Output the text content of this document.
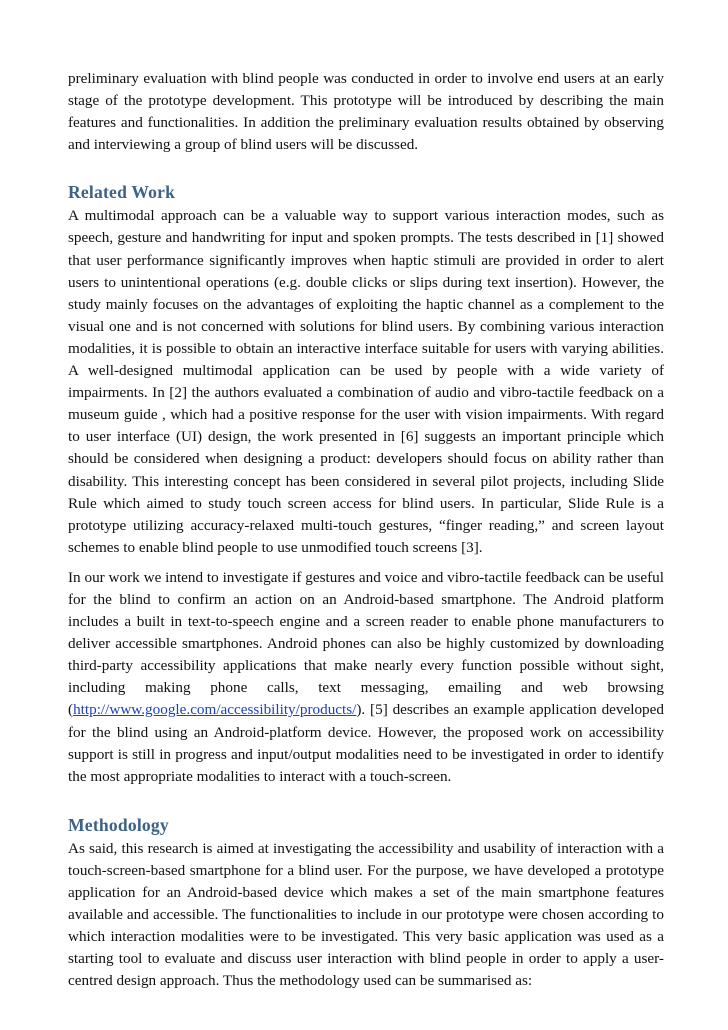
preliminary evaluation with blind people was conducted in order to involve end users at an early stage of the prototype development. This prototype will be introduced by describing the main features and functionalities. In addition the preliminary evaluation results obtained by observing and interviewing a group of blind users will be discussed.

Related Work

A multimodal approach can be a valuable way to support various interaction modes, such as speech, gesture and handwriting for input and spoken prompts. The tests described in [1] showed that user performance significantly improves when haptic stimuli are provided in order to alert users to unintentional operations (e.g. double clicks or slips during text insertion). However, the study mainly focuses on the advantages of exploiting the haptic channel as a complement to the visual one and is not concerned with solutions for blind users. By combining various interaction modalities, it is possible to obtain an interactive interface suitable for users with varying abilities. A well-designed multimodal application can be used by people with a wide variety of impairments. In [2] the authors evaluated a combination of audio and vibro-tactile feedback on a museum guide , which had a positive response for the user with vision impairments. With regard to user interface (UI) design, the work presented in [6] suggests an important principle which should be considered when designing a product: developers should focus on ability rather than disability. This interesting concept has been considered in several pilot projects, including Slide Rule which aimed to study touch screen access for blind users. In particular, Slide Rule is a prototype utilizing accuracy-relaxed multi-touch gestures, “finger reading,” and screen layout schemes to enable blind people to use unmodified touch screens [3].

In our work we intend to investigate if gestures and voice and vibro-tactile feedback can be useful for the blind to confirm an action on an Android-based smartphone. The Android platform includes a built in text-to-speech engine and a screen reader to enable phone manufacturers to deliver accessible smartphones. Android phones can also be highly customized by downloading third-party accessibility applications that make nearly every function possible without sight, including making phone calls, text messaging, emailing and web browsing (http://www.google.com/accessibility/products/). [5] describes an example application developed for the blind using an Android-platform device. However, the proposed work on accessibility support is still in progress and input/output modalities need to be investigated in order to identify the most appropriate modalities to interact with a touch-screen.

Methodology

As said, this research is aimed at investigating the accessibility and usability of interaction with a touch-screen-based smartphone for a blind user. For the purpose, we have developed a prototype application for an Android-based device which makes a set of the main smartphone features available and accessible. The functionalities to include in our prototype were chosen according to which interaction modalities were to be investigated. This very basic application was used as a starting tool to evaluate and discuss user interaction with blind people in order to apply a user-centred design approach. Thus the methodology used can be summarised as:
